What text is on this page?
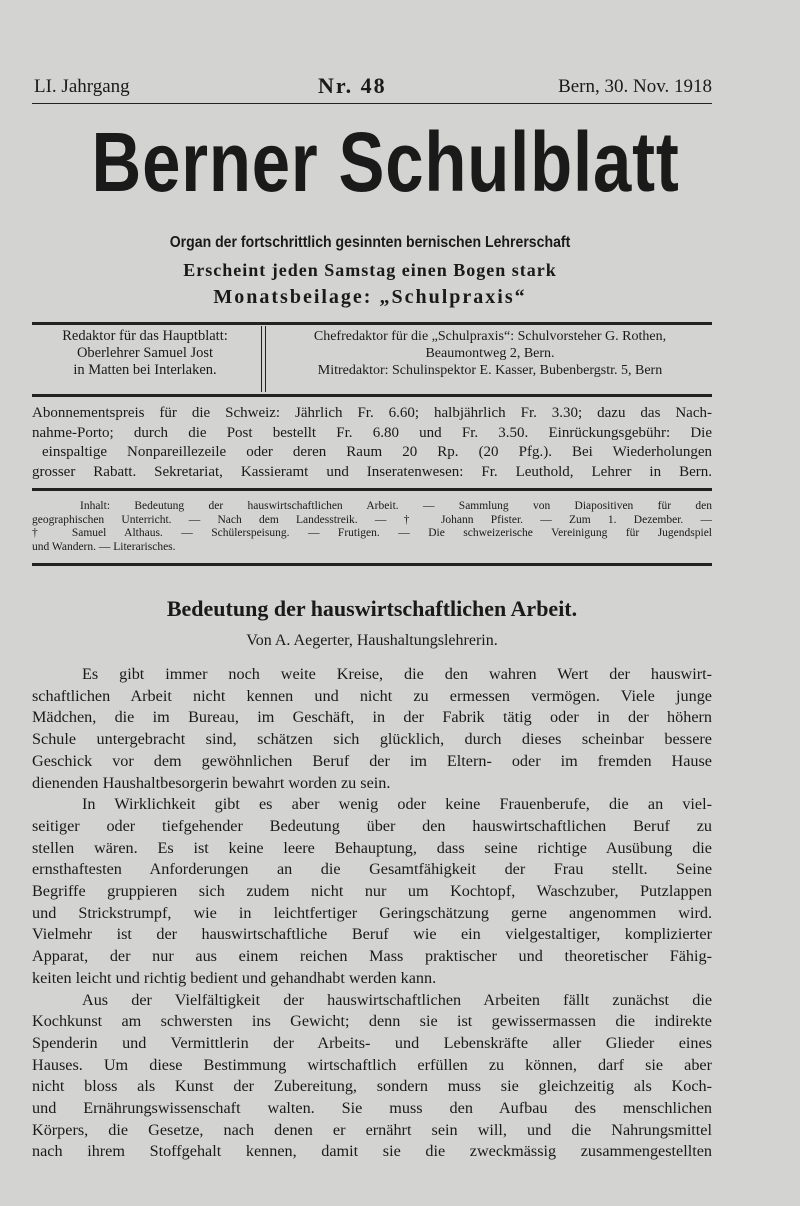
LI. Jahrgang	Nr. 48	Bern, 30. Nov. 1918
Berner Schulblatt
Organ der fortschrittlich gesinnten bernischen Lehrerschaft
Erscheint jeden Samstag einen Bogen stark
Monatsbeilage: „Schulpraxis“
Redaktor für das Hauptblatt:
Oberlehrer Samuel Jost
in Matten bei Interlaken.
Chefredaktor für die „Schulpraxis“: Schulvorsteher G. Rothen,
Beaumontweg 2, Bern.
Mitredaktor: Schulinspektor E. Kasser, Bubenbergstr. 5, Bern
Abonnementspreis für die Schweiz: Jährlich Fr. 6.60; halbjährlich Fr. 3.30; dazu das Nach-
nahme-Porto; durch die Post bestellt Fr. 6.80 und Fr. 3.50. Einrückungsgebühr: Die
einspaltige Nonpareillezeile oder deren Raum 20 Rp. (20 Pfg.). Bei Wiederholungen
grosser Rabatt. Sekretariat, Kassieramt und Inseratenwesen: Fr. Leuthold, Lehrer in Bern.
Inhalt: Bedeutung der hauswirtschaftlichen Arbeit. — Sammlung von Diapositiven für den
geographischen Unterricht. — Nach dem Landesstreik. — † Johann Pfister. — Zum 1. Dezember. —
† Samuel Althaus. — Schülerspeisung. — Frutigen. — Die schweizerische Vereinigung für Jugendspiel
und Wandern. — Literarisches.
Bedeutung der hauswirtschaftlichen Arbeit.
Von A. Aegerter, Haushaltungslehrerin.
Es gibt immer noch weite Kreise, die den wahren Wert der hauswirt-
schaftlichen Arbeit nicht kennen und nicht zu ermessen vermögen. Viele junge
Mädchen, die im Bureau, im Geschäft, in der Fabrik tätig oder in der höhern
Schule untergebracht sind, schätzen sich glücklich, durch dieses scheinbar bessere
Geschick vor dem gewöhnlichen Beruf der im Eltern- oder im fremden Hause
dienenden Haushaltbesorgerin bewahrt worden zu sein.
In Wirklichkeit gibt es aber wenig oder keine Frauenberufe, die an viel-
seitiger oder tiefgehender Bedeutung über den hauswirtschaftlichen Beruf zu
stellen wären. Es ist keine leere Behauptung, dass seine richtige Ausübung die
ernsthaftesten Anforderungen an die Gesamtfähigkeit der Frau stellt. Seine
Begriffe gruppieren sich zudem nicht nur um Kochtopf, Waschzuber, Putzlappen
und Strickstrumpf, wie in leichtfertiger Geringschätzung gerne angenommen wird.
Vielmehr ist der hauswirtschaftliche Beruf wie ein vielgestaltiger, komplizierter
Apparat, der nur aus einem reichen Mass praktischer und theoretischer Fähig-
keiten leicht und richtig bedient und gehandhabt werden kann.
Aus der Vielfältigkeit der hauswirtschaftlichen Arbeiten fällt zunächst die
Kochkunst am schwersten ins Gewicht; denn sie ist gewissermassen die indirekte
Spenderin und Vermittlerin der Arbeits- und Lebenskräfte aller Glieder eines
Hauses. Um diese Bestimmung wirtschaftlich erfüllen zu können, darf sie aber
nicht bloss als Kunst der Zubereitung, sondern muss sie gleichzeitig als Koch-
und Ernährungswissenschaft walten. Sie muss den Aufbau des menschlichen
Körpers, die Gesetze, nach denen er ernährt sein will, und die Nahrungsmittel
nach ihrem Stoffgehalt kennen, damit sie die zweckmässig zusammengestellten
